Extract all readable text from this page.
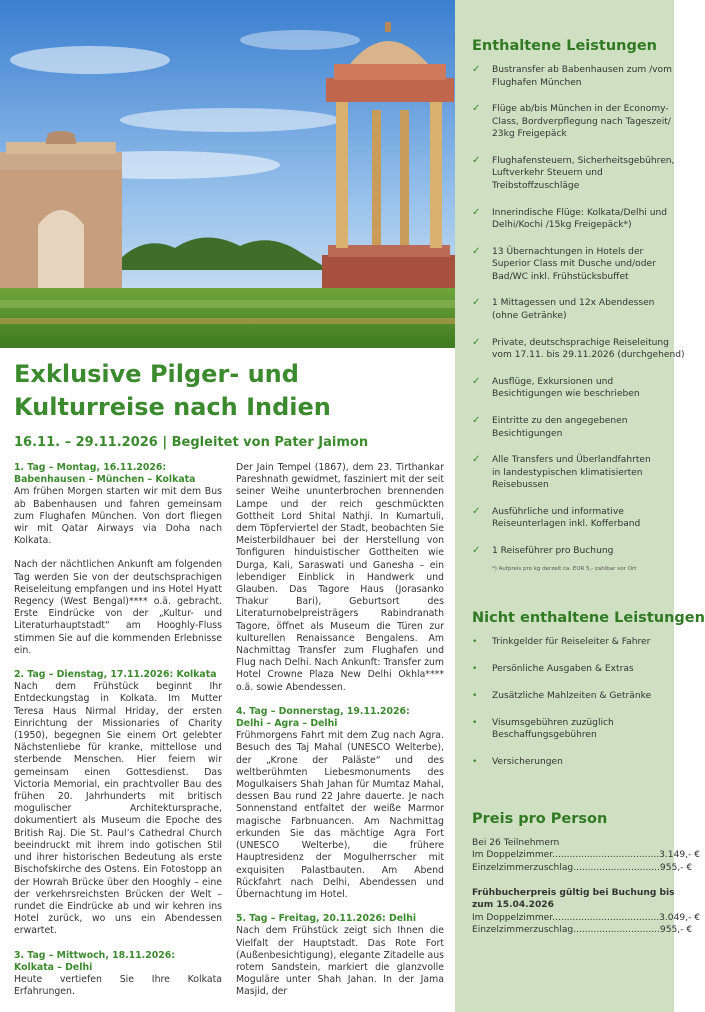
Exklusive Pilger- und
Kulturreise nach Indien
16.11. – 29.11.2026 | Begleitet von Pater Jaimon

1. Tag – Montag, 16.11.2026:
Babenhausen – München – Kolkata
Am frühen Morgen starten wir mit dem Bus ab Babenhausen und fahren gemeinsam zum Flughafen München. Von dort fliegen wir mit Qatar Airways via Doha nach Kolkata.

Nach der nächtlichen Ankunft am folgenden Tag werden Sie von der deutschsprachigen Reiseleitung empfangen und ins Hotel Hyatt Regency (West Bengal)**** o.ä. gebracht. Erste Eindrücke von der „Kultur- und Literaturhauptstadt“ am Hooghly-Fluss stimmen Sie auf die kommenden Erlebnisse ein.

2. Tag – Dienstag, 17.11.2026: Kolkata
Nach dem Frühstück beginnt Ihr Entdeckungstag in Kolkata. Im Mutter Teresa Haus Nirmal Hriday, der ersten Einrichtung der Missionaries of Charity (1950), begegnen Sie einem Ort gelebter Nächstenliebe für kranke, mittellose und sterbende Menschen. Hier feiern wir gemeinsam einen Gottesdienst. Das Victoria Memorial, ein prachtvoller Bau des frühen 20. Jahrhunderts mit britisch mogulischer Architektursprache, dokumentiert als Museum die Epoche des British Raj. Die St. Paul’s Cathedral Church beeindruckt mit ihrem indo gotischen Stil und ihrer historischen Bedeutung als erste Bischofskirche des Ostens. Ein Fotostopp an der Howrah Brücke über den Hooghly – eine der verkehrsreichsten Brücken der Welt – rundet die Eindrücke ab und wir kehren ins Hotel zurück, wo uns ein Abendessen erwartet.

3. Tag – Mittwoch, 18.11.2026:
Kolkata – Delhi
Heute vertiefen Sie Ihre Kolkata Erfahrungen.

Der Jain Tempel (1867), dem 23. Tirthankar Pareshnath gewidmet, fasziniert mit der seit seiner Weihe ununterbrochen brennenden Lampe und der reich geschmückten Gottheit Lord Shital Nathji. In Kumartuli, dem Töpferviertel der Stadt, beobachten Sie Meisterbildhauer bei der Herstellung von Tonfiguren hinduistischer Gottheiten wie Durga, Kali, Saraswati und Ganesha – ein lebendiger Einblick in Handwerk und Glauben. Das Tagore Haus (Jorasanko Thakur Bari), Geburtsort des Literaturnobelpreisträgers Rabindranath Tagore, öffnet als Museum die Türen zur kulturellen Renaissance Bengalens. Am Nachmittag Transfer zum Flughafen und Flug nach Delhi. Nach Ankunft: Transfer zum Hotel Crowne Plaza New Delhi Okhla**** o.ä. sowie Abendessen.

4. Tag – Donnerstag, 19.11.2026:
Delhi – Agra – Delhi
Frühmorgens Fahrt mit dem Zug nach Agra. Besuch des Taj Mahal (UNESCO Welterbe), der „Krone der Paläste“ und des weltberühmten Liebesmonuments des Mogulkaisers Shah Jahan für Mumtaz Mahal, dessen Bau rund 22 Jahre dauerte. Je nach Sonnenstand entfaltet der weiße Marmor magische Farbnuancen. Am Nachmittag erkunden Sie das mächtige Agra Fort (UNESCO Welterbe), die frühere Hauptresidenz der Mogulherrscher mit exquisiten Palastbauten. Am Abend Rückfahrt nach Delhi, Abendessen und Übernachtung im Hotel.

5. Tag – Freitag, 20.11.2026: Delhi
Nach dem Frühstück zeigt sich Ihnen die Vielfalt der Hauptstadt. Das Rote Fort (Außenbesichtigung), elegante Zitadelle aus rotem Sandstein, markiert die glanzvolle Moguläre unter Shah Jahan. In der Jama Masjid, der

Enthaltene Leistungen
✓	Bustransfer ab Babenhausen zum /vom
Flughafen München
✓	Flüge ab/bis München in der Economy-
Class, Bordverpflegung nach Tageszeit/
23kg Freigepäck
✓	Flughafensteuern, Sicherheitsgebühren,
Luftverkehr Steuern und
Treibstoffzuschläge
✓	Innerindische Flüge: Kolkata/Delhi und
Delhi/Kochi /15kg Freigepäck*)
✓	13 Übernachtungen in Hotels der
Superior Class mit Dusche und/oder
Bad/WC inkl. Frühstücksbuffet
✓	1 Mittagessen und 12x Abendessen
(ohne Getränke)
✓	Private, deutschsprachige Reiseleitung
vom 17.11. bis 29.11.2026 (durchgehend)
✓	Ausflüge, Exkursionen und
Besichtigungen wie beschrieben
✓	Eintritte zu den angegebenen
Besichtigungen
✓	Alle Transfers und Überlandfahrten
in landestypischen klimatisierten
Reisebussen
✓	Ausführliche und informative
Reiseunterlagen inkl. Kofferband
✓	1 Reiseführer pro Buchung
*) Aufpreis pro kg derzeit ca. EUR 5,- zahlbar vor Ort
Nicht enthaltene Leistungen
•	Trinkgelder für Reiseleiter & Fahrer
•	Persönliche Ausgaben & Extras
•	Zusätzliche Mahlzeiten & Getränke
•	Visumsgebühren zuzüglich
Beschaffungsgebühren
•	Versicherungen
Preis pro Person
Bei 26 Teilnehmern
Im Doppelzimmer.....................................3.149,- €
Einzelzimmerzuschlag..............................955,- €
Frühbucherpreis gültig bei Buchung bis
zum 15.04.2026
Im Doppelzimmer.....................................3.049,- €
Einzelzimmerzuschlag..............................955,- €
